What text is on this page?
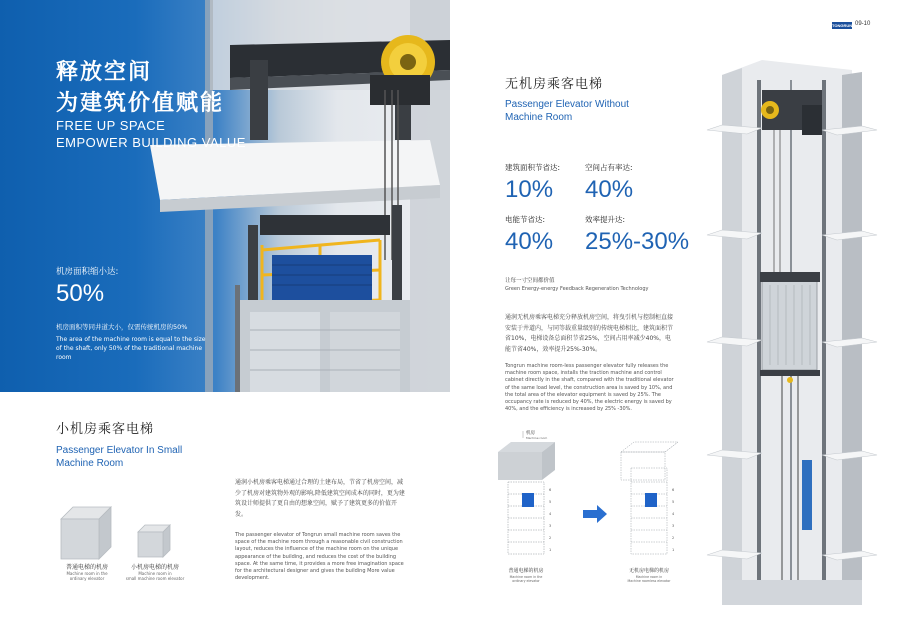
释放空间
为建筑价值赋能
FREE UP SPACE
EMPOWER BUILDING VALUE
机房面积缩小达:
50%
机房面积等同井道大小，仅需传统机房的50%
The area of the machine room is equal to the size of the shaft, only 50% of the traditional machine room
小机房乘客电梯
Passenger Elevator In Small
Machine Room
普通电梯的机房
Machine room in the
ordinary elevator
小机房电梯的机房
Machine room in
small machine room elevator
通润小机房乘客电梯通过合理的土建布局，节省了机房空间，减少了机房对建筑物外观的影响,降低建筑空间成本的同时，更为建筑设计师提供了更自由的想象空间，赋予了建筑更多的价值开发。
The passenger elevator of Tongrun small machine room saves the space of the machine room through a reasonable civil construction layout, reduces the influence of the machine room on the unique appearance of the building, and reduces the cost of the building space. At the same time, it provides a more free imagination space for the architectural designer and gives the building More value development.
TONGRUN 09-10
无机房乘客电梯
Passenger Elevator Without
Machine Room
建筑面积节省达:
10%
空间占有率达:
40%
电能节省达:
40%
效率提升达:
25%-30%
让每一寸空间都价值
Green Energy-energy Feedback Regeneration Technology
通润无机房乘客电梯充分释放机房空间，将曳引机与控制柜直接安装于井道内，与同等载重量级别的传统电梯相比，建筑面积节省10%，电梯设备总面积节省25%，空间占用率减少40%，电能节省40%，效率提升25%-30%。
Tongrun machine room-less passenger elevator fully releases the machine room space, installs the traction machine and control cabinet directly in the shaft, compared with the traditional elevator of the same load level, the construction area is saved by 10%, and the total area of the elevator equipment is saved by 25%. The occupancy rate is reduced by 40%, the electric energy is saved by 40%, and the efficiency is increased by 25% -30%.
机房
Machine room
6
5
4
3
2
1
普通电梯的机房
Machine room in the
ordinary elevator
6
5
4
3
2
1
无机房电梯的机房
Machine room in
Machine roomless elevator
